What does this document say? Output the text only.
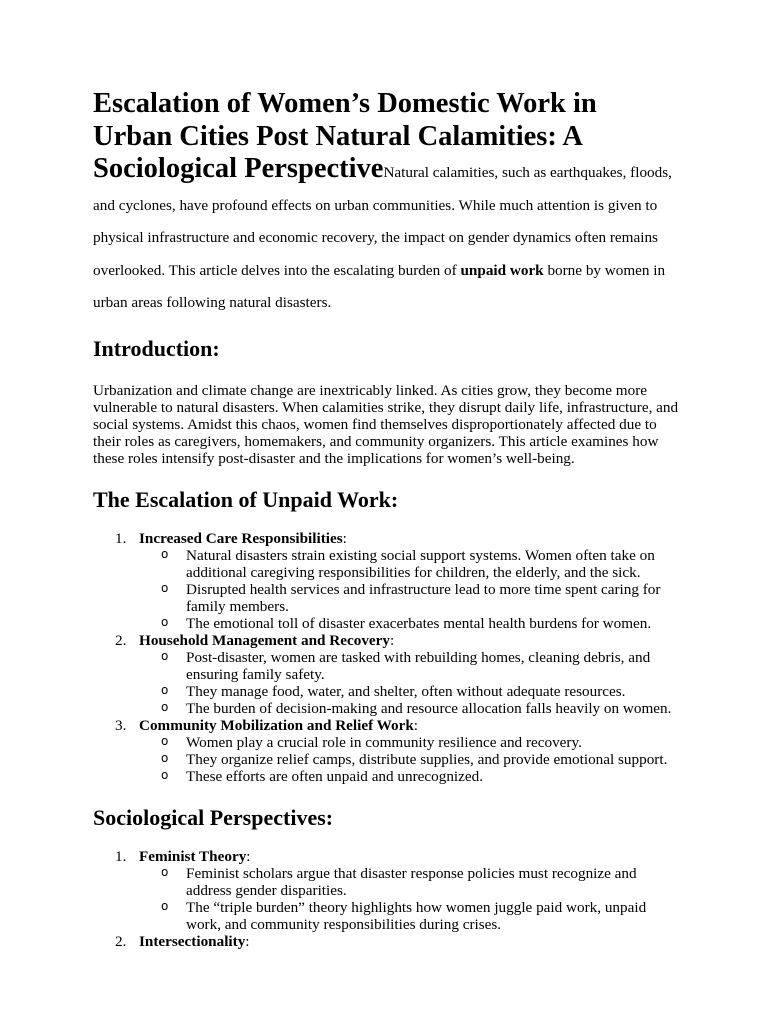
Escalation of Women’s Domestic Work in Urban Cities Post Natural Calamities: A Sociological PerspectiveNatural calamities, such as earthquakes, floods, and cyclones, have profound effects on urban communities. While much attention is given to physical infrastructure and economic recovery, the impact on gender dynamics often remains overlooked. This article delves into the escalating burden of unpaid work borne by women in urban areas following natural disasters.
Introduction:

Urbanization and climate change are inextricably linked. As cities grow, they become more vulnerable to natural disasters. When calamities strike, they disrupt daily life, infrastructure, and social systems. Amidst this chaos, women find themselves disproportionately affected due to their roles as caregivers, homemakers, and community organizers. This article examines how these roles intensify post-disaster and the implications for women’s well-being.

The Escalation of Unpaid Work:
1. Increased Care Responsibilities:
o Natural disasters strain existing social support systems. Women often take on additional caregiving responsibilities for children, the elderly, and the sick.
o Disrupted health services and infrastructure lead to more time spent caring for family members.
o The emotional toll of disaster exacerbates mental health burdens for women.
2. Household Management and Recovery:
o Post-disaster, women are tasked with rebuilding homes, cleaning debris, and ensuring family safety.
o They manage food, water, and shelter, often without adequate resources.
o The burden of decision-making and resource allocation falls heavily on women.
3. Community Mobilization and Relief Work:
o Women play a crucial role in community resilience and recovery.
o They organize relief camps, distribute supplies, and provide emotional support.
o These efforts are often unpaid and unrecognized.
Sociological Perspectives:
1. Feminist Theory:
o Feminist scholars argue that disaster response policies must recognize and address gender disparities.
o The “triple burden” theory highlights how women juggle paid work, unpaid work, and community responsibilities during crises.
2. Intersectionality:
